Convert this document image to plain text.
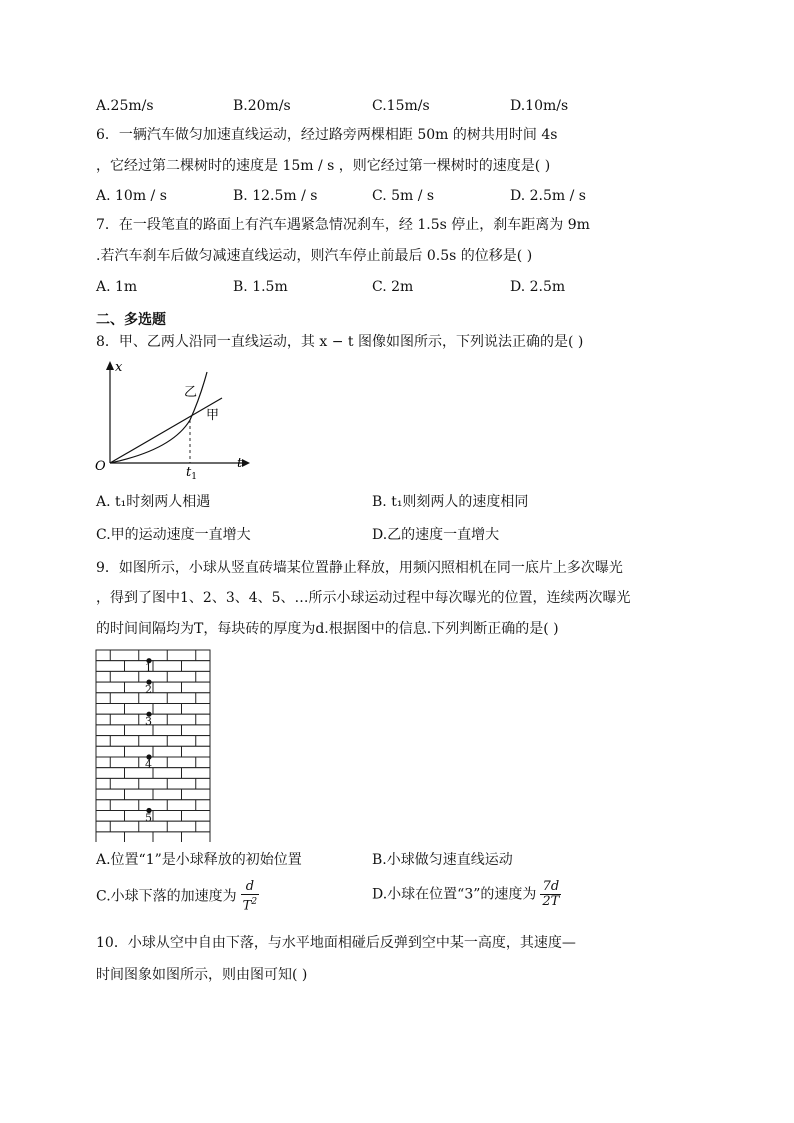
A.25m/s	B.20m/s	C.15m/s	D.10m/s
6．一辆汽车做匀加速直线运动，经过路旁两棵相距 50m 的树共用时间 4s
，它经过第二棵树时的速度是 15m / s ，则它经过第一棵树时的速度是( )
A. 10m / s	B. 12.5m / s	C. 5m / s	D. 2.5m / s
7．在一段笔直的路面上有汽车遇紧急情况刹车，经 1.5s 停止，刹车距离为 9m
.若汽车刹车后做匀减速直线运动，则汽车停止前最后 0.5s 的位移是( )
A. 1m	B. 1.5m	C. 2m	D. 2.5m
二、多选题
8．甲、乙两人沿同一直线运动，其 x − t 图像如图所示，下列说法正确的是( )
x
t
O	$t_1$
乙
甲
A. t₁时刻两人相遇	B. t₁则刻两人的速度相同
C.甲的运动速度一直增大	D.乙的速度一直增大
9．如图所示，小球从竖直砖墙某位置静止释放，用频闪照相机在同一底片上多次曝光
，得到了图中1、2、3、4、5、…所示小球运动过程中每次曝光的位置，连续两次曝光
的时间间隔均为T，每块砖的厚度为d.根据图中的信息.下列判断正确的是( )
1
2
3
4
5
A.位置“1”是小球释放的初始位置	B.小球做匀速直线运动
C.小球下落的加速度为 $\frac{d}{T^2}$	D.小球在位置“3”的速度为 $\frac{7d}{2T}$
10．小球从空中自由下落，与水平地面相碰后反弹到空中某一高度，其速度—
时间图象如图所示，则由图可知( )
